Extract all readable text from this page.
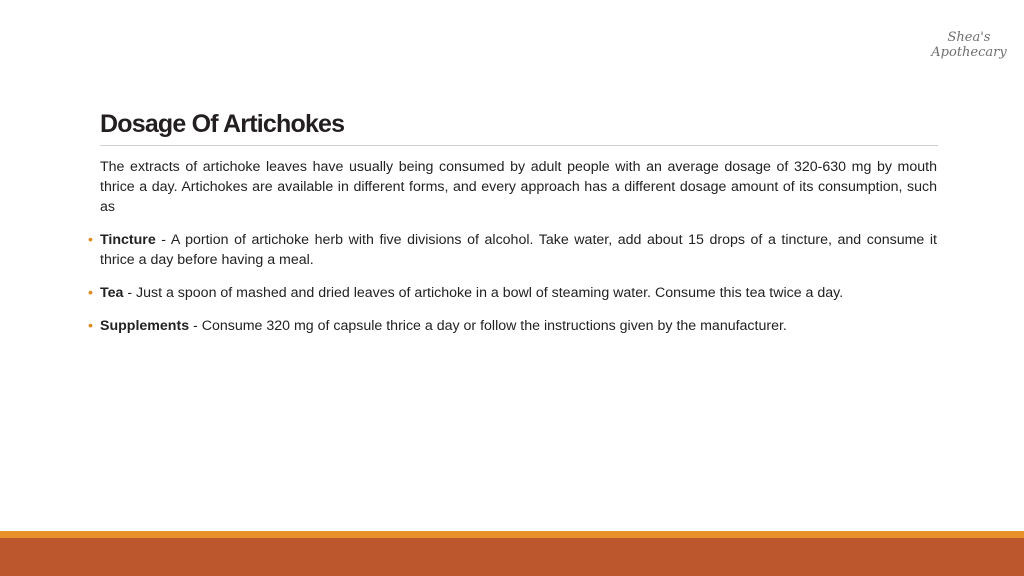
Shea's
Apothecary
Dosage Of Artichokes

The extracts of artichoke leaves have usually being consumed by adult people with an average dosage of 320-630 mg by mouth thrice a day. Artichokes are available in different forms, and every approach has a different dosage amount of its consumption, such as

• Tincture - A portion of artichoke herb with five divisions of alcohol. Take water, add about 15 drops of a tincture, and consume it thrice a day before having a meal.
• Tea - Just a spoon of mashed and dried leaves of artichoke in a bowl of steaming water. Consume this tea twice a day.
• Supplements - Consume 320 mg of capsule thrice a day or follow the instructions given by the manufacturer.
